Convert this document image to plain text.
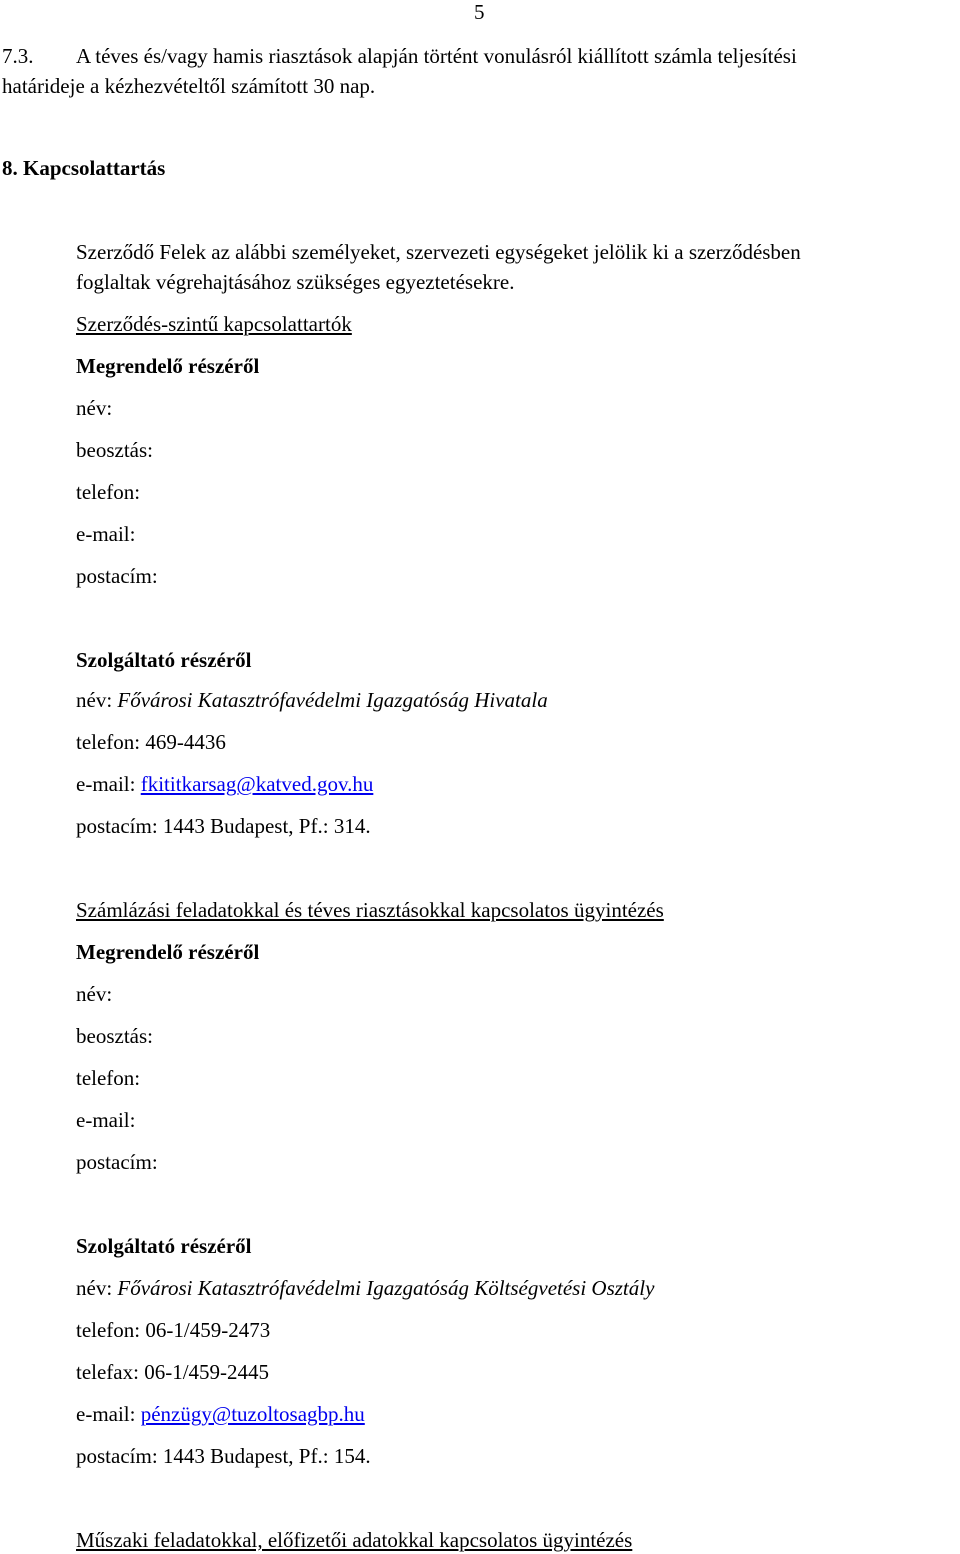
5
7.3. A téves és/vagy hamis riasztások alapján történt vonulásról kiállított számla teljesítési
határideje a kézhezvételtől számított 30 nap.
8. Kapcsolattartás
Szerződő Felek az alábbi személyeket, szervezeti egységeket jelölik ki a szerződésben
foglaltak végrehajtásához szükséges egyeztetésekre.
Szerződés-szintű kapcsolattartók
Megrendelő részéről
név:
beosztás:
telefon:
e-mail:
postacím:
Szolgáltató részéről
név: Fővárosi Katasztrófavédelmi Igazgatóság Hivatala
telefon: 469-4436
e-mail: fkititkarsag@katved.gov.hu
postacím: 1443 Budapest, Pf.: 314.
Számlázási feladatokkal és téves riasztásokkal kapcsolatos ügyintézés
Megrendelő részéről
név:
beosztás:
telefon:
e-mail:
postacím:
Szolgáltató részéről
név: Fővárosi Katasztrófavédelmi Igazgatóság Költségvetési Osztály
telefon: 06-1/459-2473
telefax: 06-1/459-2445
e-mail: pénzügy@tuzoltosagbp.hu
postacím: 1443 Budapest, Pf.: 154.
Műszaki feladatokkal, előfizetői adatokkal kapcsolatos ügyintézés
